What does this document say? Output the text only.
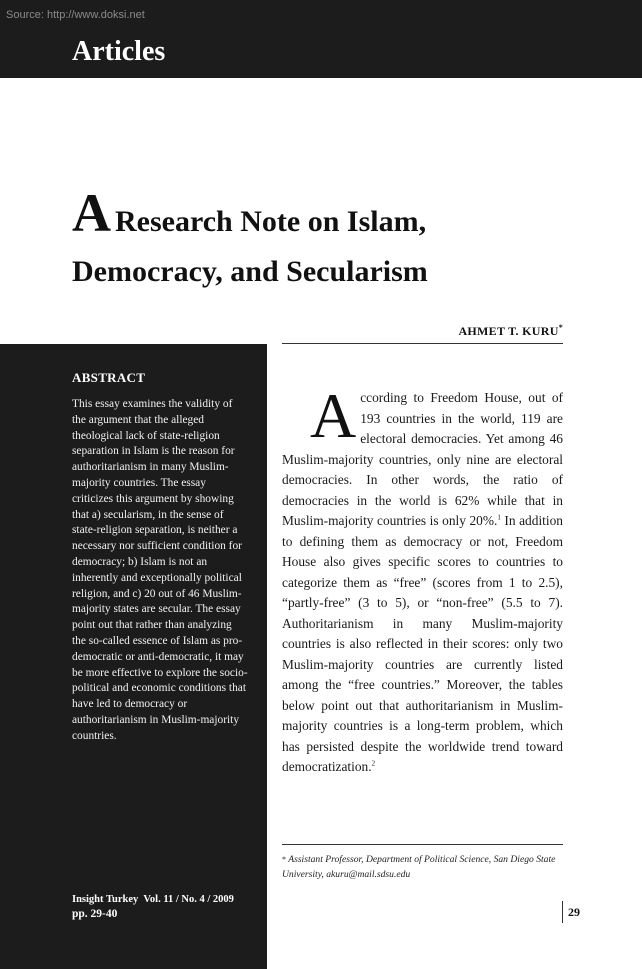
Source: http://www.doksi.net
Articles
A Research Note on Islam,
Democracy, and Secularism
AHMET T. KURU*
ABSTRACT
This essay examines the validity of the argument that the alleged theological lack of state-religion separation in Islam is the reason for authoritarianism in many Muslim-majority countries. The essay criticizes this argument by showing that a) secularism, in the sense of state-religion separation, is neither a necessary nor sufficient condition for democracy; b) Islam is not an inherently and exceptionally political religion, and c) 20 out of 46 Muslim-majority states are secular. The essay point out that rather than analyzing the so-called essence of Islam as pro-democratic or anti-democratic, it may be more effective to explore the socio-political and economic conditions that have led to democracy or authoritarianism in Muslim-majority countries.
Insight Turkey Vol. 11 / No. 4 / 2009
pp. 29-40
According to Freedom House, out of 193 countries in the world, 119 are electoral democracies. Yet among 46 Muslim-majority countries, only nine are electoral democracies. In other words, the ratio of democracies in the world is 62% while that in Muslim-majority countries is only 20%.$^1$ In addition to defining them as democracy or not, Freedom House also gives specific scores to countries to categorize them as “free” (scores from 1 to 2.5), “partly-free” (3 to 5), or “non-free” (5.5 to 7). Authoritarianism in many Muslim-majority countries is also reflected in their scores: only two Muslim-majority countries are currently listed among the “free countries.” Moreover, the tables below point out that authoritarianism in Muslim-majority countries is a long-term problem, which has persisted despite the worldwide trend toward democratization.$^2$
* Assistant Professor, Department of Political Science, San Diego State University, akuru@mail.sdsu.edu
29
